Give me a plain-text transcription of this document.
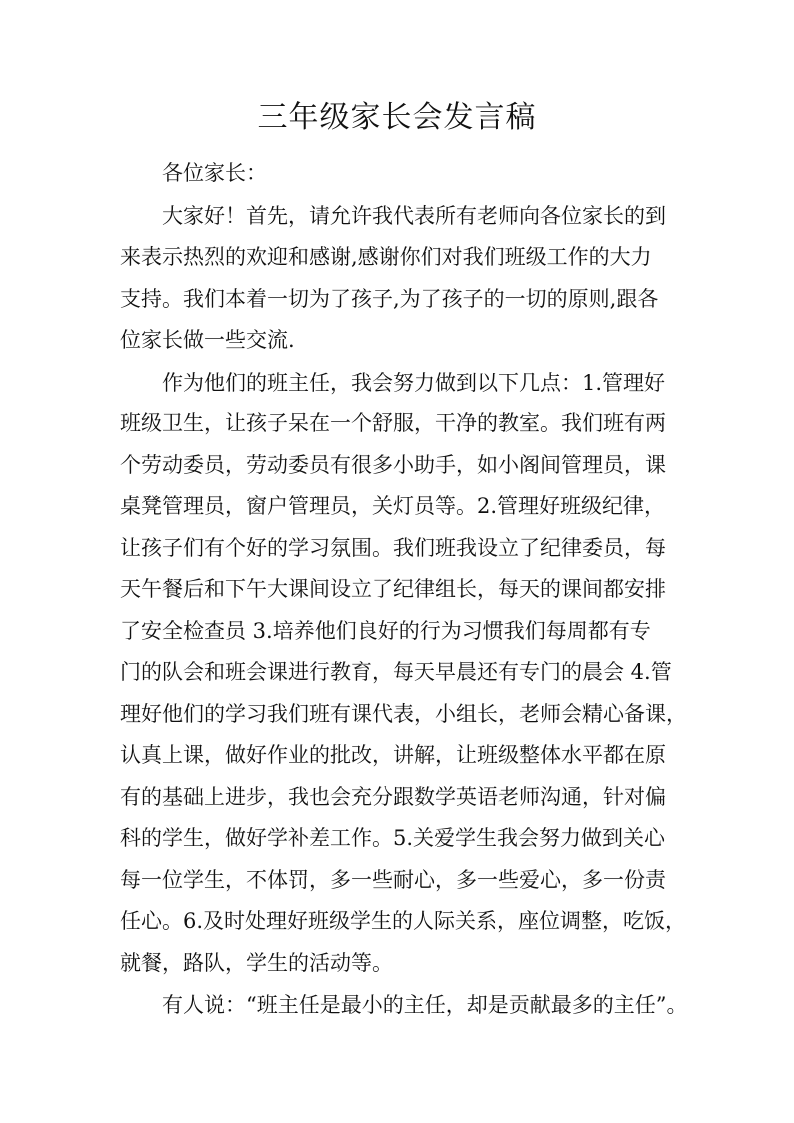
三年级家长会发言稿

各位家长：

大家好！首先，请允许我代表所有老师向各位家长的到

来表示热烈的欢迎和感谢,感谢你们对我们班级工作的大力

支持。我们本着一切为了孩子,为了孩子的一切的原则,跟各

位家长做一些交流.

作为他们的班主任，我会努力做到以下几点：1.管理好

班级卫生，让孩子呆在一个舒服，干净的教室。我们班有两

个劳动委员，劳动委员有很多小助手，如小阁间管理员，课

桌凳管理员，窗户管理员，关灯员等。2.管理好班级纪律，

让孩子们有个好的学习氛围。我们班我设立了纪律委员，每

天午餐后和下午大课间设立了纪律组长，每天的课间都安排

了安全检查员 3.培养他们良好的行为习惯我们每周都有专

门的队会和班会课进行教育，每天早晨还有专门的晨会 4.管

理好他们的学习我们班有课代表，小组长，老师会精心备课，

认真上课，做好作业的批改，讲解，让班级整体水平都在原

有的基础上进步，我也会充分跟数学英语老师沟通，针对偏

科的学生，做好学补差工作。5.关爱学生我会努力做到关心

每一位学生，不体罚，多一些耐心，多一些爱心，多一份责

任心。6.及时处理好班级学生的人际关系，座位调整，吃饭，

就餐，路队，学生的活动等。

有人说：“班主任是最小的主任，却是贡献最多的主任”。
